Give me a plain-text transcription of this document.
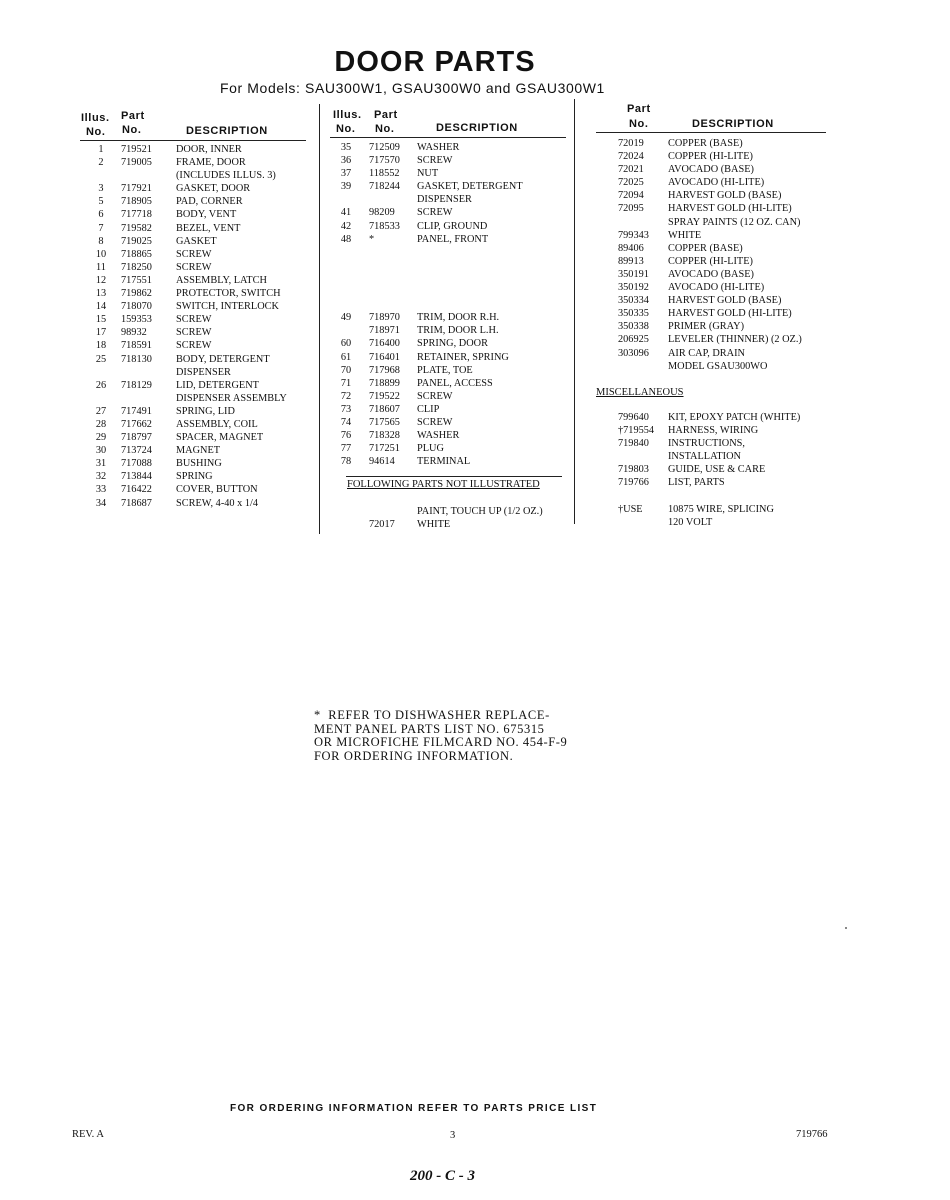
DOOR PARTS
For Models: SAU300W1, GSAU300W0 and GSAU300W1
Illus. Part
No. No.	DESCRIPTION
Illus. Part
No. No.	DESCRIPTION
Part
No.	DESCRIPTION
1	719521 DOOR, INNER
2	719005 FRAME, DOOR
(INCLUDES ILLUS. 3)
3	717921 GASKET, DOOR
5	718905 PAD, CORNER
6	717718 BODY, VENT
7	719582 BEZEL, VENT
8	719025 GASKET
10	718865 SCREW
11	718250 SCREW
12	717551 ASSEMBLY, LATCH
13	719862 PROTECTOR, SWITCH
14	718070 SWITCH, INTERLOCK
15	159353 SCREW
17	98932	SCREW
18	718591 SCREW
25	718130 BODY, DETERGENT
DISPENSER
26	718129 LID, DETERGENT
DISPENSER ASSEMBLY
27	717491 SPRING, LID
28	717662 ASSEMBLY, COIL
29	718797 SPACER, MAGNET
30	713724 MAGNET
31	717088 BUSHING
32	713844 SPRING
33	716422 COVER, BUTTON
34	718687 SCREW, 4-40 x 1/4
35	712509 WASHER
36	717570 SCREW
37	118552 NUT
39	718244 GASKET, DETERGENT
DISPENSER
41	98209 SCREW
42	718533 CLIP, GROUND
48	*	PANEL, FRONT
49	718970 TRIM, DOOR R.H.
718971 TRIM, DOOR L.H.
60	716400 SPRING, DOOR
61	716401 RETAINER, SPRING
70	717968 PLATE, TOE
71	718899 PANEL, ACCESS
72	719522 SCREW
73	718607 CLIP
74	717565 SCREW
76	718328 WASHER
77	717251 PLUG
78	94614 TERMINAL
FOLLOWING PARTS NOT ILLUSTRATED
PAINT, TOUCH UP (1/2 OZ.)
72017 WHITE
72019 COPPER (BASE)
72024 COPPER (HI-LITE)
72021 AVOCADO (BASE)
72025 AVOCADO (HI-LITE)
72094 HARVEST GOLD (BASE)
72095 HARVEST GOLD (HI-LITE)
SPRAY PAINTS (12 OZ. CAN)
799343 WHITE
89406 COPPER (BASE)
89913 COPPER (HI-LITE)
350191 AVOCADO (BASE)
350192 AVOCADO (HI-LITE)
350334 HARVEST GOLD (BASE)
350335 HARVEST GOLD (HI-LITE)
350338 PRIMER (GRAY)
206925 LEVELER (THINNER) (2 OZ.)
303096 AIR CAP, DRAIN
MODEL GSAU300WO
MISCELLANEOUS
799640 KIT, EPOXY PATCH (WHITE)
†719554 HARNESS, WIRING
719840 INSTRUCTIONS,
INSTALLATION
719803 GUIDE, USE & CARE
719766 LIST, PARTS
†USE 10875 WIRE, SPLICING
120 VOLT
*  REFER TO DISHWASHER REPLACE-
MENT PANEL PARTS LIST NO. 675315
OR MICROFICHE FILMCARD NO. 454-F-9
FOR ORDERING INFORMATION.
FOR ORDERING INFORMATION REFER TO PARTS PRICE LIST
REV. A	3	719766
200 - C - 3
